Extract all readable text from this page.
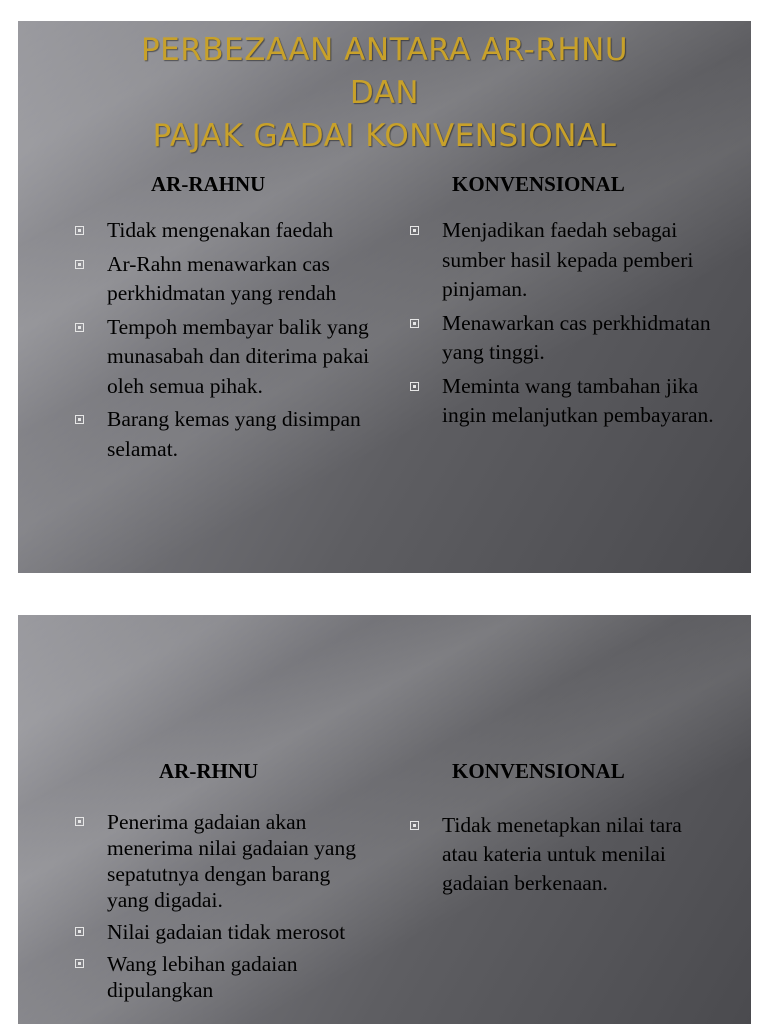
PERBEZAAN ANTARA AR-RHNU
DAN
PAJAK GADAI KONVENSIONAL
AR-RAHNU	KONVENSIONAL
Tidak mengenakan faedah
Ar-Rahn menawarkan cas perkhidmatan yang rendah
Tempoh membayar balik yang munasabah dan diterima pakai oleh semua pihak.
Barang kemas yang disimpan selamat.
Menjadikan faedah sebagai sumber hasil kepada pemberi pinjaman.
Menawarkan cas perkhidmatan yang tinggi.
Meminta wang tambahan jika ingin melanjutkan pembayaran.
AR-RHNU	KONVENSIONAL
Penerima gadaian akan menerima nilai gadaian yang sepatutnya dengan barang yang digadai.
Nilai gadaian tidak merosot
Wang lebihan gadaian dipulangkan
Tidak menetapkan nilai tara atau kateria untuk menilai gadaian berkenaan.
